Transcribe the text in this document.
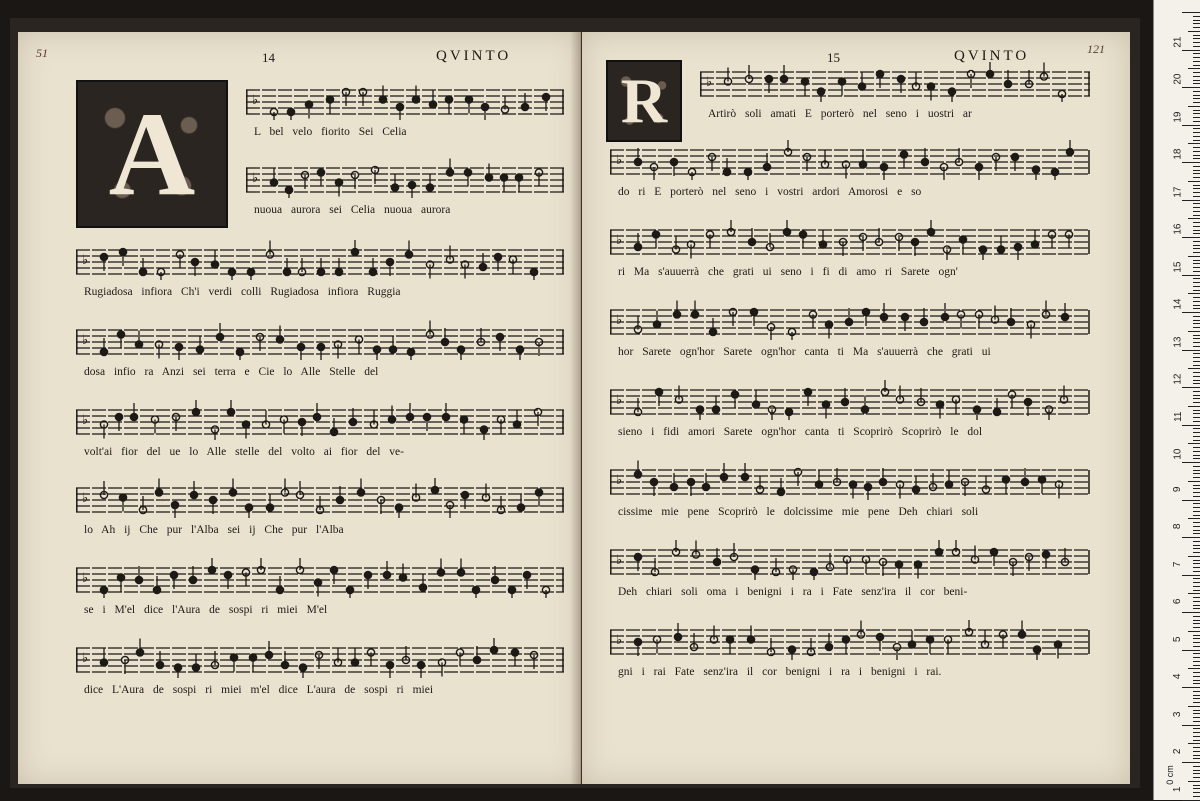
51	14	QVINTO
A	♭
L bel velo fiorito Sei Celia
♭
nuoua aurora sei Celia nuoua aurora
♭
Rugiadosa infiora Ch'i verdi colli Rugiadosa infiora Ruggia
♭
dosa infio ra Anzi sei terra e Cie lo Alle Stelle del
♭
volt'ai fior del ue lo Alle stelle del volto ai fior del ve-
♭
lo Ah ij Che pur l'Alba sei ij Che pur l'Alba
♭
se i M'el dice l'Aura de sospi ri miei M'el
♭
dice L'Aura de sospi ri miei m'el dice L'aura de sospi ri miei
121
15	QVINTO
R	♭
Artirò soli amati E porterò nel seno i uostri ar
♭
do ri E porterò nel seno i vostri ardori Amorosi e so
♭
ri Ma s'auuerrà che grati ui seno i fi di amo ri Sarete ogn'
♭
hor Sarete ogn'hor Sarete ogn'hor canta ti Ma s'auuerrà che grati ui
♭
sieno i fidi amori Sarete ogn'hor canta ti Scoprirò Scoprirò le dol
♭
cissime mie pene Scoprirò le dolcissime mie pene Deh chiari soli
♭
Deh chiari soli oma i benigni i ra i Fate senz'ira il cor beni-
♭
gni i rai Fate senz'ira il cor benigni i ra i benigni i rai.
0 cm
21
20
19
18
17
16
15
14
13
12
11
10
9
8
7
6
5
4
3
2
1
